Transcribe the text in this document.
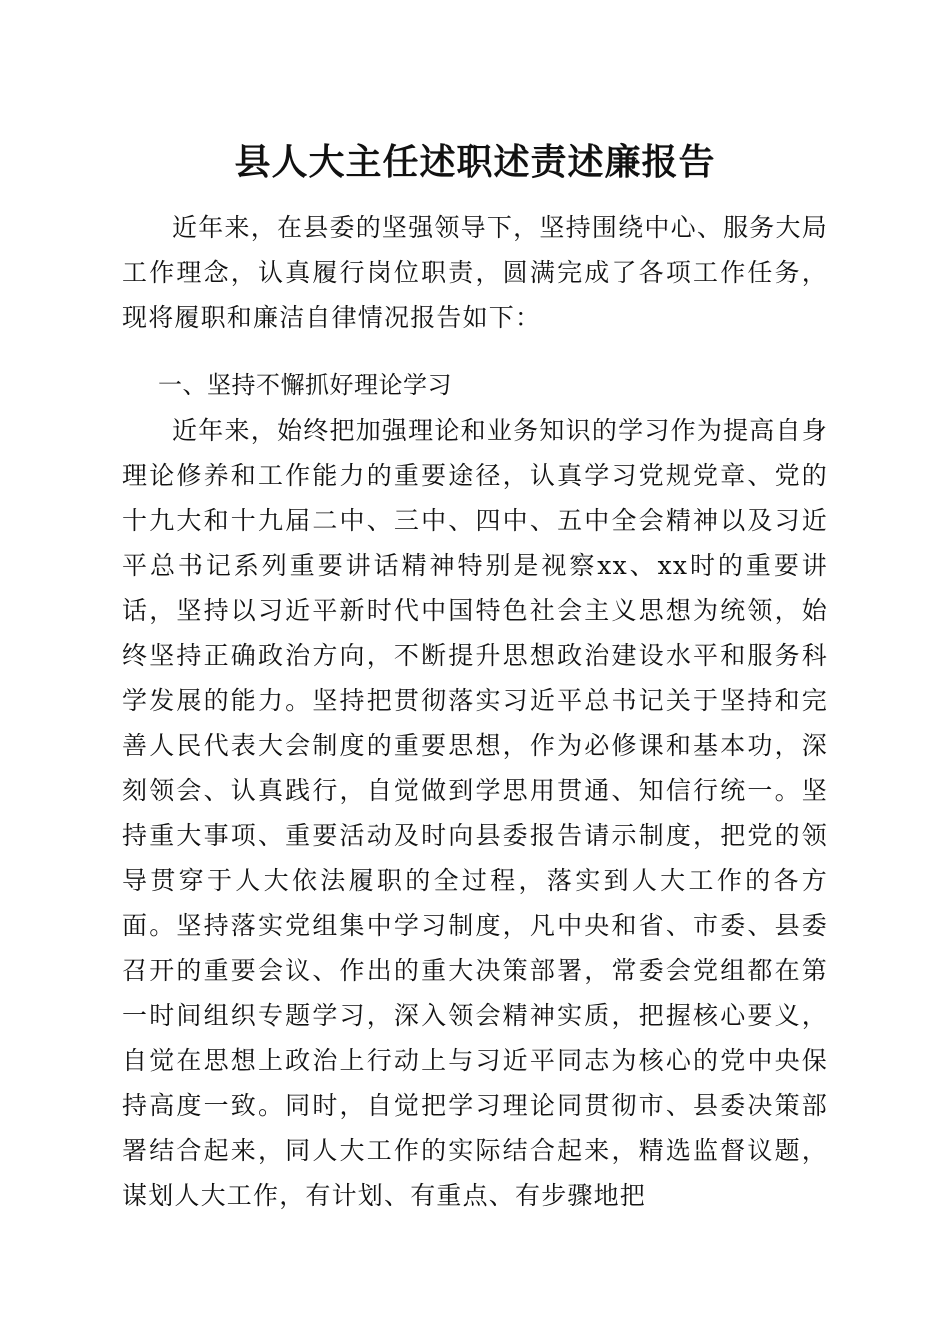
县人大主任述职述责述廉报告

近年来，在县委的坚强领导下，坚持围绕中心、服务大局工作理念，认真履行岗位职责，圆满完成了各项工作任务，现将履职和廉洁自律情况报告如下：

一、坚持不懈抓好理论学习

近年来，始终把加强理论和业务知识的学习作为提高自身理论修养和工作能力的重要途径，认真学习党规党章、党的十九大和十九届二中、三中、四中、五中全会精神以及习近平总书记系列重要讲话精神特别是视察xx、xx时的重要讲话，坚持以习近平新时代中国特色社会主义思想为统领，始终坚持正确政治方向，不断提升思想政治建设水平和服务科学发展的能力。坚持把贯彻落实习近平总书记关于坚持和完善人民代表大会制度的重要思想，作为必修课和基本功，深刻领会、认真践行，自觉做到学思用贯通、知信行统一。坚持重大事项、重要活动及时向县委报告请示制度，把党的领导贯穿于人大依法履职的全过程，落实到人大工作的各方面。坚持落实党组集中学习制度，凡中央和省、市委、县委召开的重要会议、作出的重大决策部署，常委会党组都在第一时间组织专题学习，深入领会精神实质，把握核心要义，自觉在思想上政治上行动上与习近平同志为核心的党中央保持高度一致。同时，自觉把学习理论同贯彻市、县委决策部署结合起来，同人大工作的实际结合起来，精选监督议题，谋划人大工作，有计划、有重点、有步骤地把
